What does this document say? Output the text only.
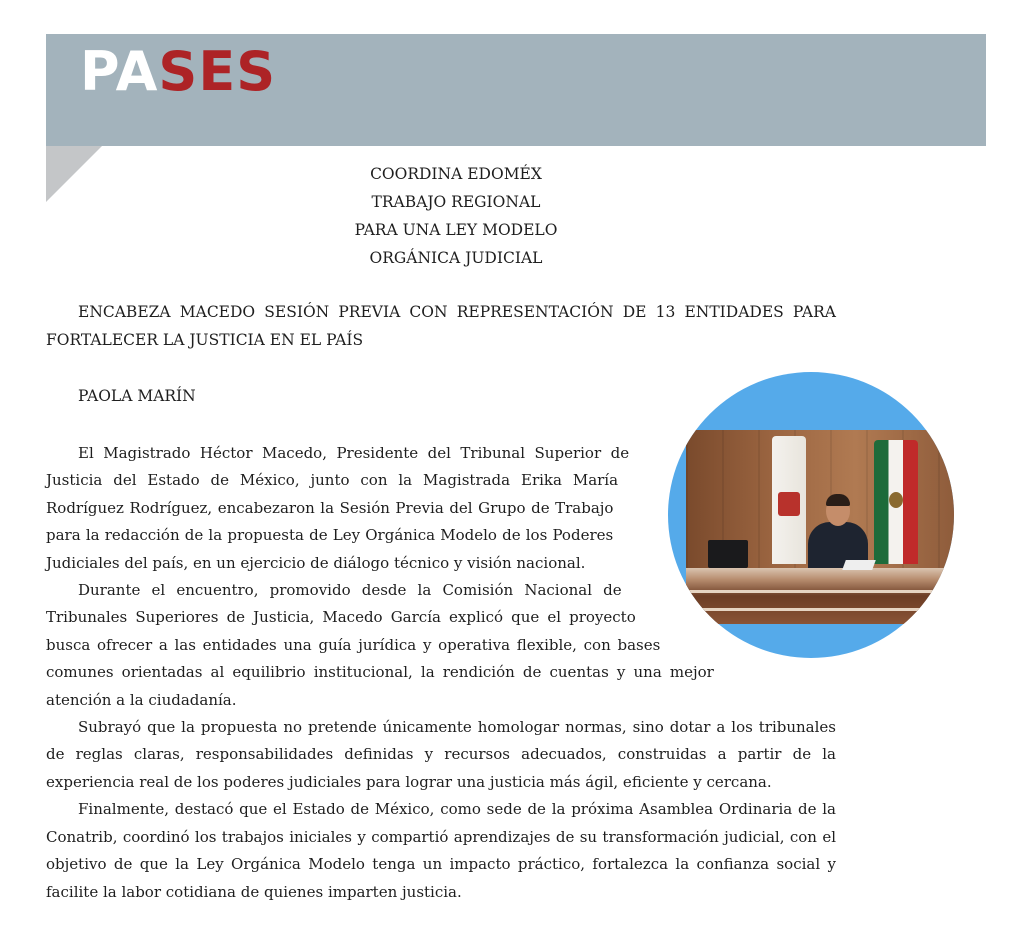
PASES
COORDINA EDOMÉX
TRABAJO REGIONAL
PARA UNA LEY MODELO
ORGÁNICA JUDICIAL
ENCABEZA MACEDO SESIÓN PREVIA CON REPRESENTACIÓN DE 13 ENTIDADES PARA FORTALECER LA JUSTICIA EN EL PAÍS
PAOLA MARÍN

El Magistrado Héctor Macedo, Presidente del Tribunal Superior de Justicia del Estado de México, junto con la Magistrada Erika María Rodríguez Rodríguez, encabezaron la Sesión Previa del Grupo de Trabajo para la redacción de la propuesta de Ley Orgánica Modelo de los Poderes Judiciales del país, en un ejercicio de diálogo técnico y visión nacional.

Durante el encuentro, promovido desde la Comisión Nacional de Tribunales Superiores de Justicia, Macedo García explicó que el proyecto busca ofrecer a las entidades una guía jurídica y operativa flexible, con bases comunes orientadas al equilibrio institucional, la rendición de cuentas y una mejor atención a la ciudadanía.

Subrayó que la propuesta no pretende únicamente homologar normas, sino dotar a los tribunales de reglas claras, responsabilidades definidas y recursos adecuados, construidas a partir de la experiencia real de los poderes judiciales para lograr una justicia más ágil, eficiente y cercana.

Finalmente, destacó que el Estado de México, como sede de la próxima Asamblea Ordinaria de la Conatrib, coordinó los trabajos iniciales y compartió aprendizajes de su transformación judicial, con el objetivo de que la Ley Orgánica Modelo tenga un impacto práctico, fortalezca la confianza social y facilite la labor cotidiana de quienes imparten justicia.
